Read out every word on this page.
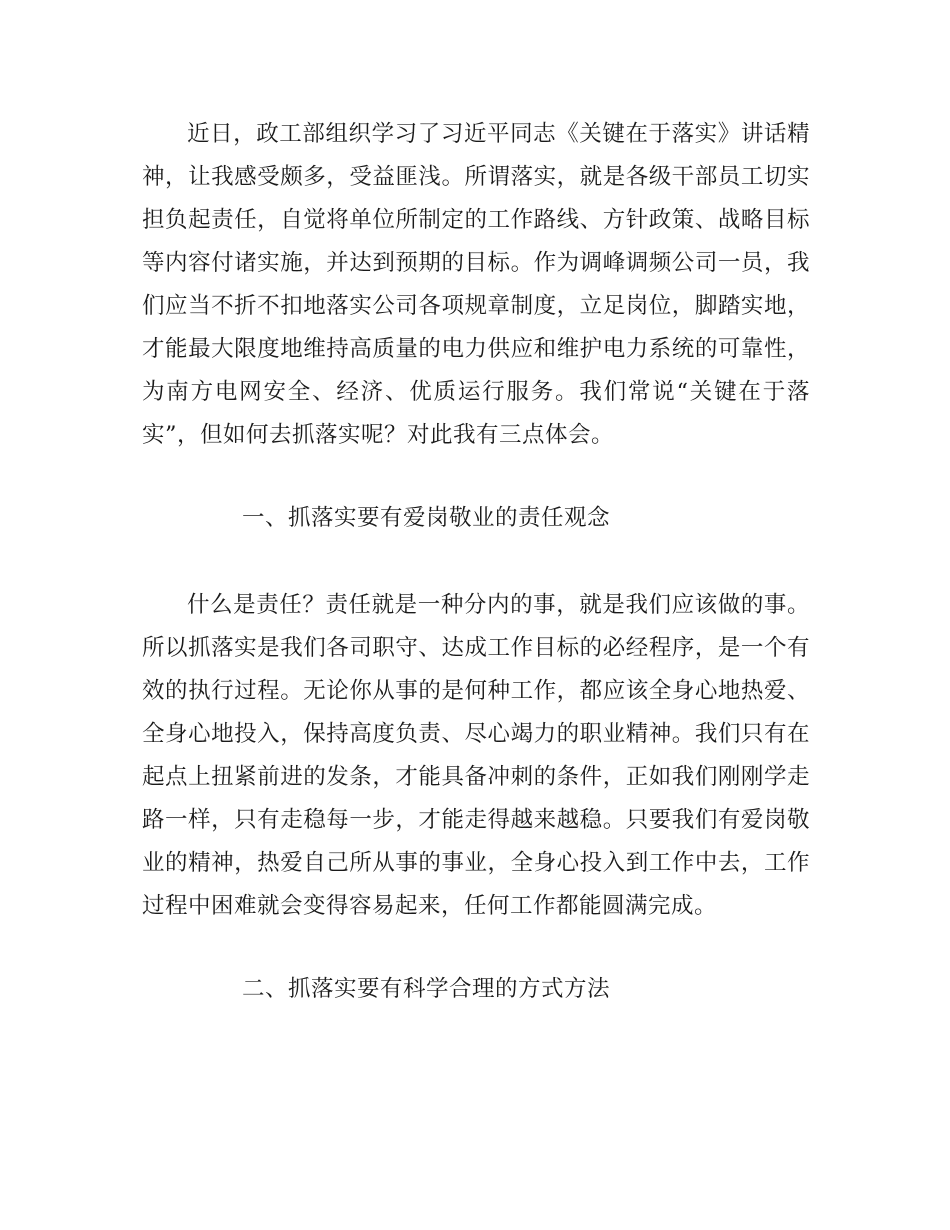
近日，政工部组织学习了习近平同志《关键在于落实》讲话精神，让我感受颇多，受益匪浅。所谓落实，就是各级干部员工切实担负起责任，自觉将单位所制定的工作路线、方针政策、战略目标等内容付诸实施，并达到预期的目标。作为调峰调频公司一员，我们应当不折不扣地落实公司各项规章制度，立足岗位，脚踏实地，才能最大限度地维持高质量的电力供应和维护电力系统的可靠性，为南方电网安全、经济、优质运行服务。我们常说“关键在于落实”，但如何去抓落实呢？对此我有三点体会。

一、抓落实要有爱岗敬业的责任观念

什么是责任？责任就是一种分内的事，就是我们应该做的事。所以抓落实是我们各司职守、达成工作目标的必经程序，是一个有效的执行过程。无论你从事的是何种工作，都应该全身心地热爱、全身心地投入，保持高度负责、尽心竭力的职业精神。我们只有在起点上扭紧前进的发条，才能具备冲刺的条件，正如我们刚刚学走路一样，只有走稳每一步，才能走得越来越稳。只要我们有爱岗敬业的精神，热爱自己所从事的事业，全身心投入到工作中去，工作过程中困难就会变得容易起来，任何工作都能圆满完成。

二、抓落实要有科学合理的方式方法
